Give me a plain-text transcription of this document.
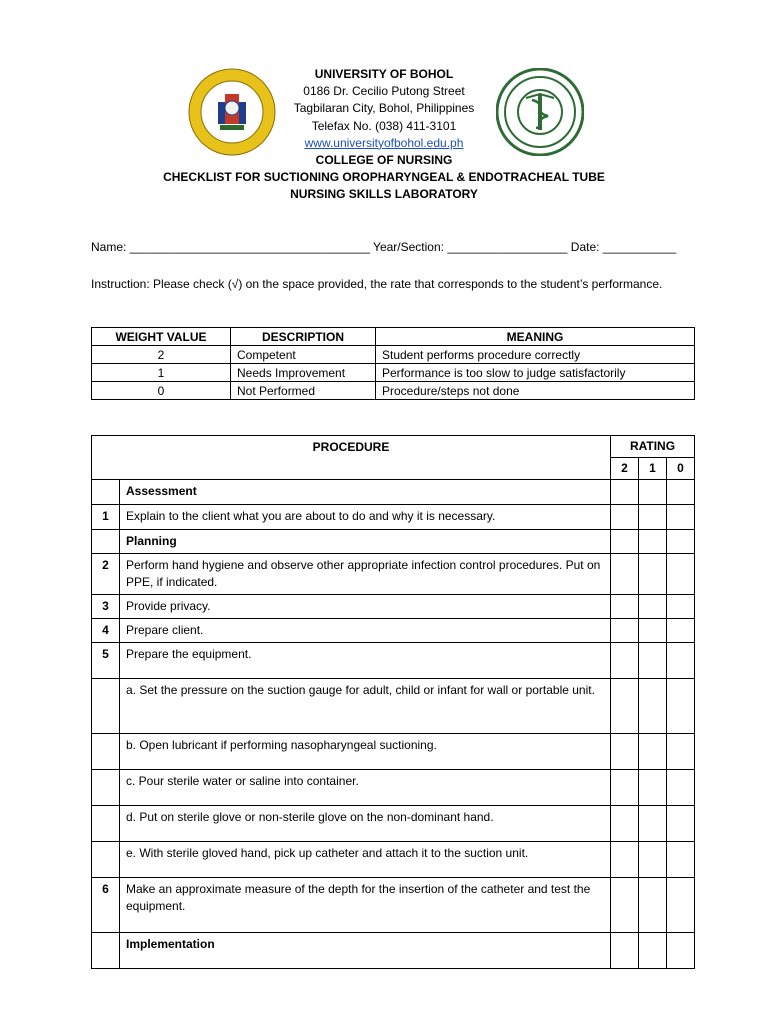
UNIVERSITY OF BOHOL
0186 Dr. Cecilio Putong Street
Tagbilaran City, Bohol, Philippines
Telefax No. (038) 411-3101
www.universityofbohol.edu.ph
COLLEGE OF NURSING
CHECKLIST FOR SUCTIONING OROPHARYNGEAL & ENDOTRACHEAL TUBE
NURSING SKILLS LABORATORY
Name: ____________________________________ Year/Section: __________________ Date: ___________
Instruction: Please check (√) on the space provided, the rate that corresponds to the student’s performance.
WEIGHT VALUE	DESCRIPTION	MEANING
2	Competent	Student performs procedure correctly
1	Needs Improvement	Performance is too slow to judge satisfactorily
0	Not Performed	Procedure/steps not done
PROCEDURE		RATING		
		2	1	0
	Assessment			
1	Explain to the client what you are about to do and why it is necessary.			
	Planning			
2	Perform hand hygiene and observe other appropriate infection control procedures. Put on PPE, if indicated.			
3	Provide privacy.			
4	Prepare client.			
5	Prepare the equipment.			
	a. Set the pressure on the suction gauge for adult, child or infant for wall or portable unit.			
	b. Open lubricant if performing nasopharyngeal suctioning.			
	c. Pour sterile water or saline into container.			
	d. Put on sterile glove or non-sterile glove on the non-dominant hand.			
	e. With sterile gloved hand, pick up catheter and attach it to the suction unit.			
6	Make an approximate measure of the depth for the insertion of the catheter and test the equipment.			
	Implementation			
